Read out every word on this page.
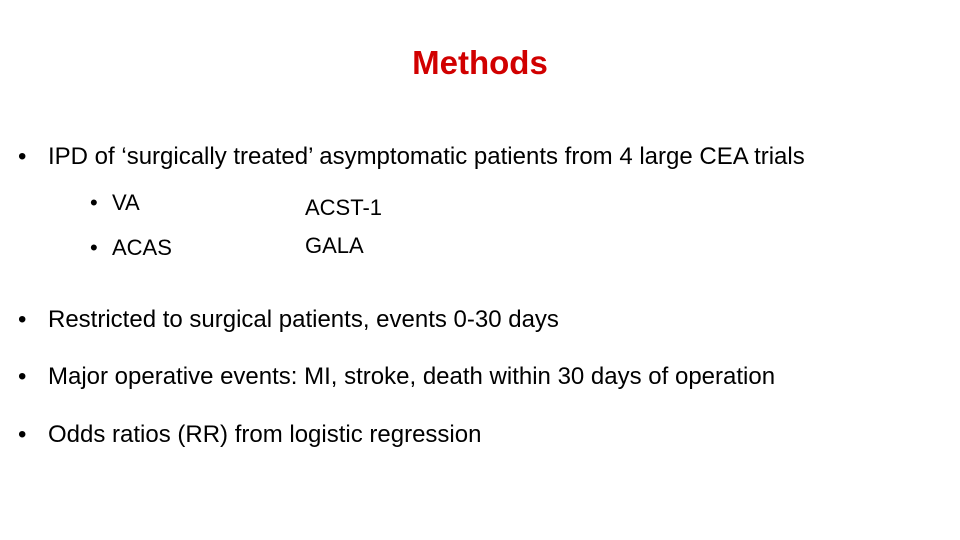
Methods
• IPD of ‘surgically treated’ asymptomatic patients from 4 large CEA trials
• VA
• ACAS
ACST-1
GALA
• Restricted to surgical patients, events 0-30 days
• Major operative events: MI, stroke, death within 30 days of operation
• Odds ratios (RR) from logistic regression
